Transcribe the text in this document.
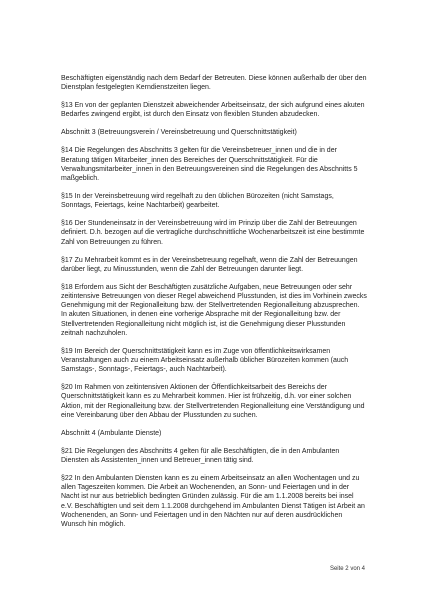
Beschäftigten eigenständig nach dem Bedarf der Betreuten. Diese können außerhalb der über den Dienstplan festgelegten Kerndienstzeiten liegen.

§13 En von der geplanten Dienstzeit abweichender Arbeitseinsatz, der sich aufgrund eines akuten Bedarfes zwingend ergibt, ist durch den Einsatz von flexiblen Stunden abzudecken.

Abschnitt 3 (Betreuungsverein / Vereinsbetreuung und Querschnittstätigkeit)

§14 Die Regelungen des Abschnitts 3 gelten für die Vereinsbetreuer_innen und die in der Beratung tätigen Mitarbeiter_innen des Bereiches der Querschnittstätigkeit. Für die Verwaltungsmitarbeiter_innen in den Betreuungsvereinen sind die Regelungen des Abschnitts 5 maßgeblich.

§15 In der Vereinsbetreuung wird regelhaft zu den üblichen Bürozeiten (nicht Samstags, Sonntags, Feiertags, keine Nachtarbeit) gearbeitet.

§16 Der Stundeneinsatz in der Vereinsbetreuung wird im Prinzip über die Zahl der Betreuungen definiert. D.h. bezogen auf die vertragliche durchschnittliche Wochenarbeitszeit ist eine bestimmte Zahl von Betreuungen zu führen.

§17 Zu Mehrarbeit kommt es in der Vereinsbetreuung regelhaft, wenn die Zahl der Betreuungen darüber liegt, zu Minusstunden, wenn die Zahl der Betreuungen darunter liegt.

§18 Erfordern aus Sicht der Beschäftigten zusätzliche Aufgaben, neue Betreuungen oder sehr zeitintensive Betreuungen von dieser Regel abweichend Plusstunden, ist dies im Vorhinein zwecks Genehmigung mit der Regionalleitung bzw. der Stellvertretenden Regionalleitung abzusprechen. In akuten Situationen, in denen eine vorherige Absprache mit der Regionalleitung bzw. der Stellvertretenden Regionalleitung nicht möglich ist, ist die Genehmigung dieser Plusstunden zeitnah nachzuholen.

§19 Im Bereich der Querschnittstätigkeit kann es im Zuge von öffentlichkeitswirksamen Veranstaltungen auch zu einem Arbeitseinsatz außerhalb üblicher Bürozeiten kommen (auch Samstags-, Sonntags-, Feiertags-, auch Nachtarbeit).

§20 Im Rahmen von zeitintensiven Aktionen der Öffentlichkeitsarbeit des Bereichs der Querschnittstätigkeit kann es zu Mehrarbeit kommen. Hier ist frühzeitig, d.h. vor einer solchen Aktion, mit der Regionalleitung bzw. der Stellvertretenden Regionalleitung eine Verständigung und eine Vereinbarung über den Abbau der Plusstunden zu suchen.

Abschnitt 4 (Ambulante Dienste)

§21 Die Regelungen des Abschnitts 4 gelten für alle Beschäftigten, die in den Ambulanten Diensten als Assistenten_innen und Betreuer_innen tätig sind.

§22 In den Ambulanten Diensten kann es zu einem Arbeitseinsatz an allen Wochentagen und zu allen Tageszeiten kommen. Die Arbeit an Wochenenden, an Sonn- und Feiertagen und in der Nacht ist nur aus betrieblich bedingten Gründen zulässig. Für die am 1.1.2008 bereits bei insel e.V. Beschäftigten und seit dem 1.1.2008 durchgehend im Ambulanten Dienst Tätigen ist Arbeit an Wochenenden, an Sonn- und Feiertagen und in den Nächten nur auf deren ausdrücklichen Wunsch hin möglich.

Seite 2 von 4
